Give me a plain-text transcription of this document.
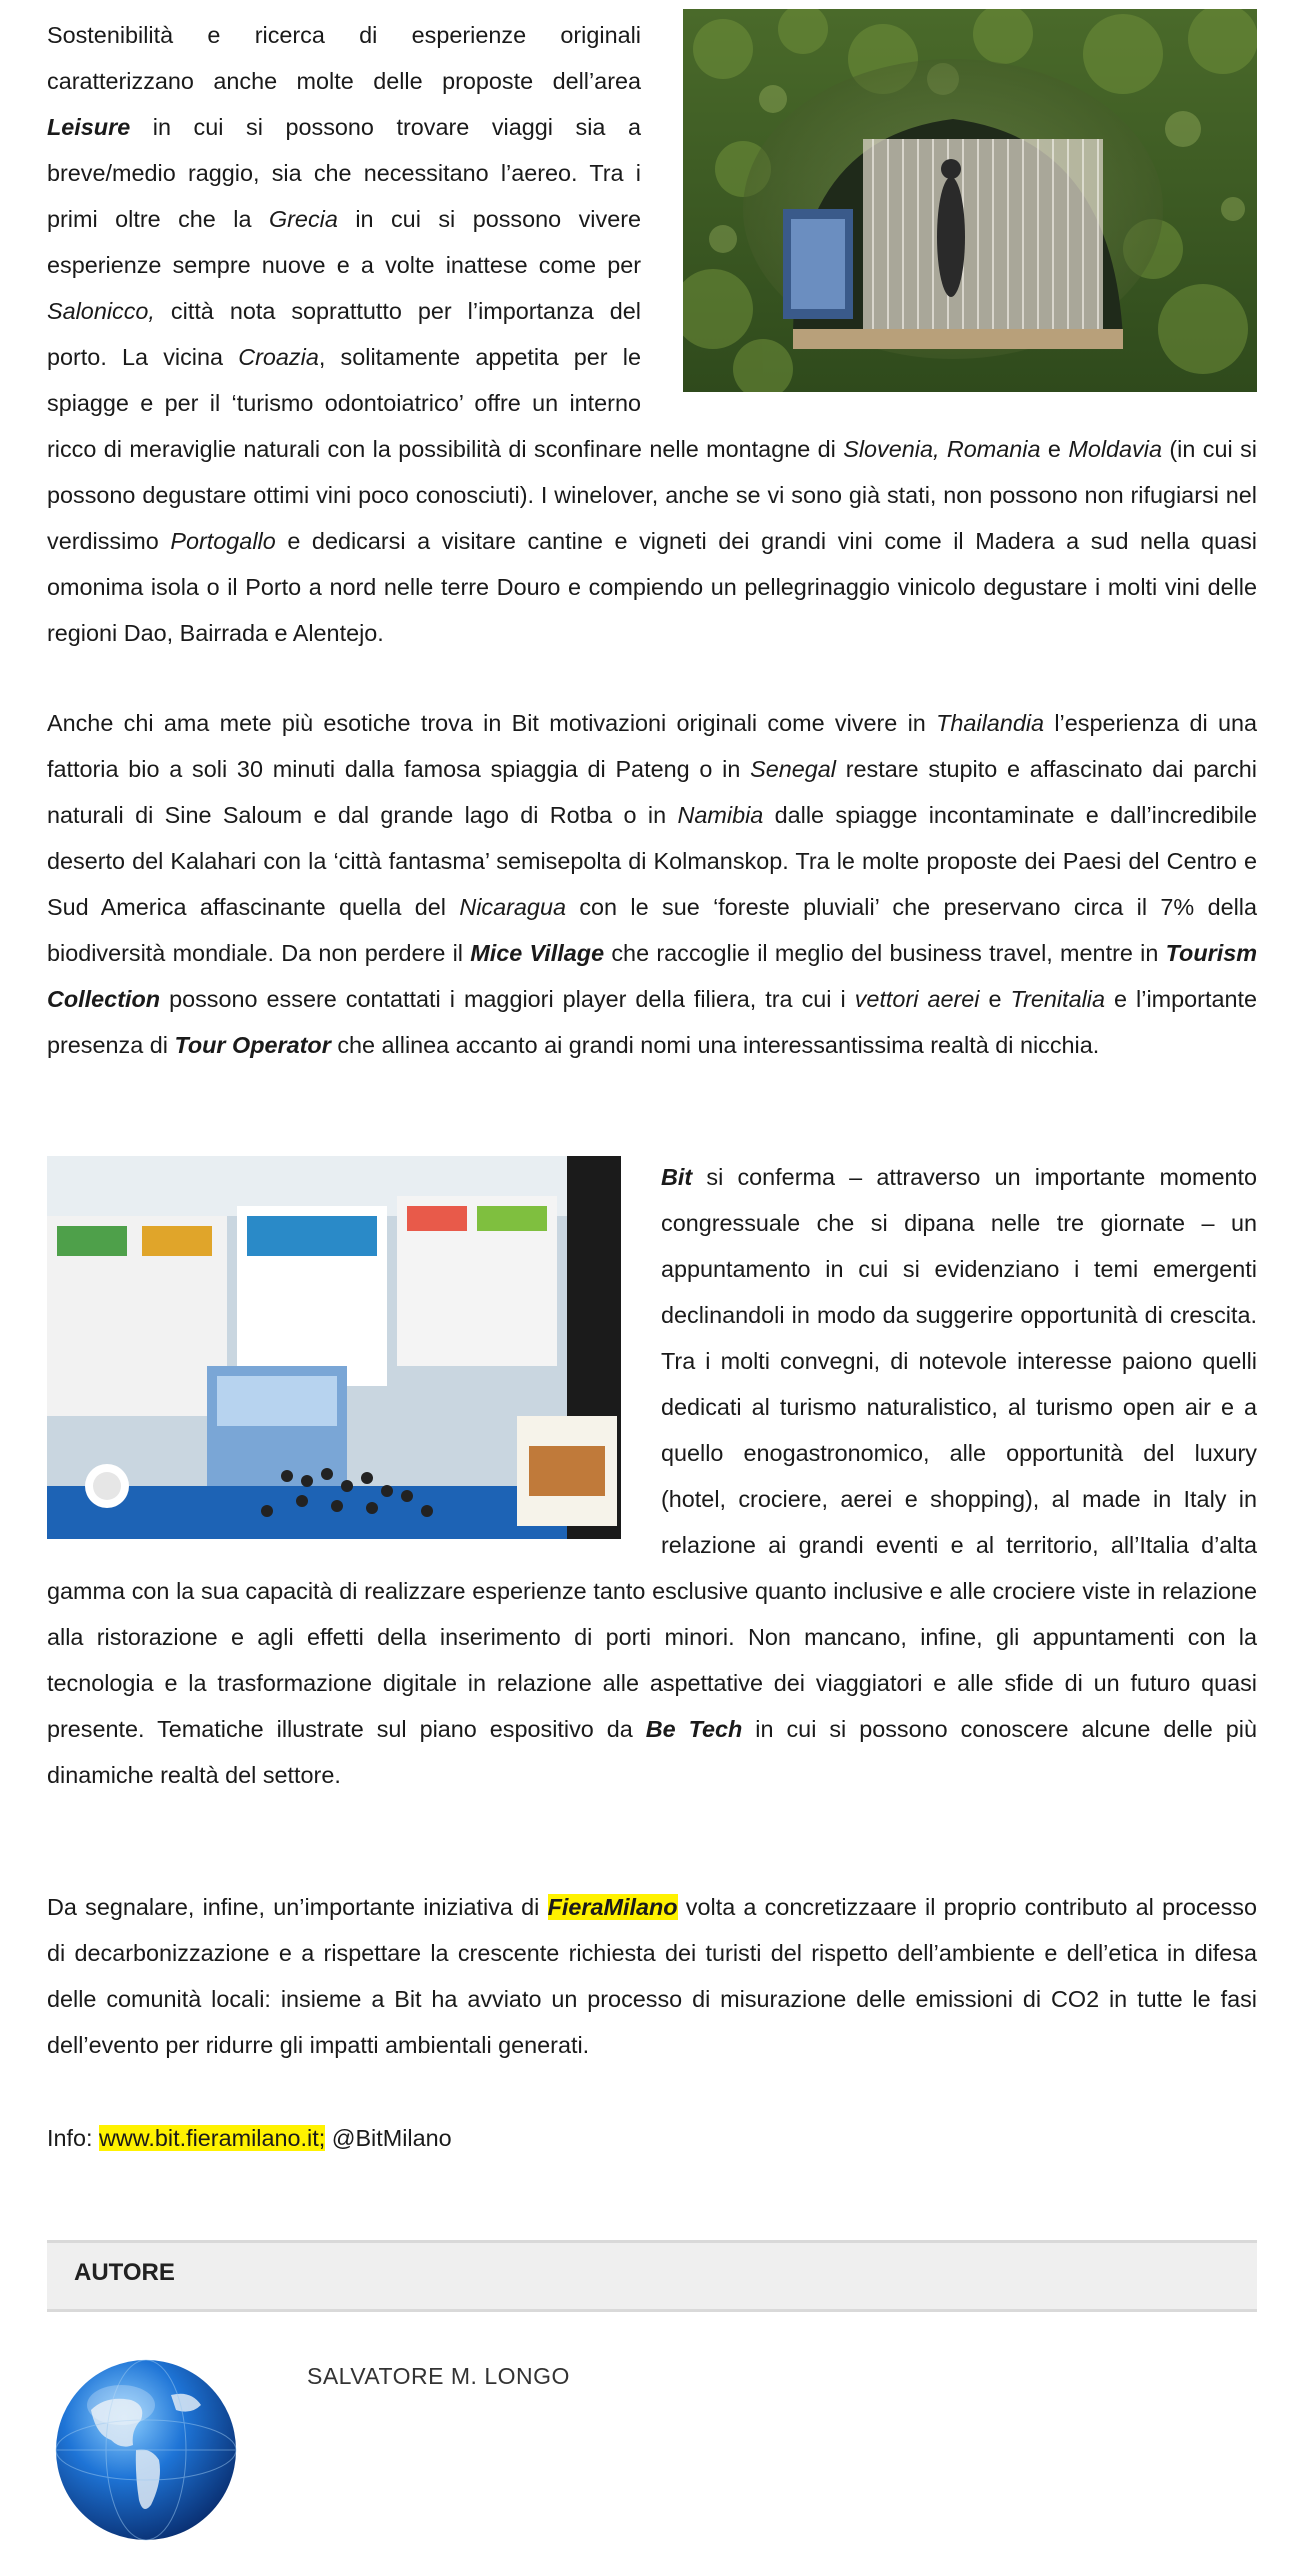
Sostenibilità e ricerca di esperienze originali caratterizzano anche molte delle proposte dell’area Leisure in cui si possono trovare viaggi sia a breve/medio raggio, sia che necessitano l’aereo. Tra i primi oltre che la Grecia in cui si possono vivere esperienze sempre nuove e a volte inattese come per Salonicco, città nota soprattutto per l’importanza del porto. La vicina Croazia, solitamente appetita per le spiagge e per il ‘turismo odontoiatrico’ offre un interno ricco di meraviglie naturali con la possibilità di sconfinare nelle montagne di Slovenia, Romania e Moldavia (in cui si possono degustare ottimi vini poco conosciuti). I winelover, anche se vi sono già stati, non possono non rifugiarsi nel verdissimo Portogallo e dedicarsi a visitare cantine e vigneti dei grandi vini come il Madera a sud nella quasi omonima isola o il Porto a nord nelle terre Douro e compiendo un pellegrinaggio vinicolo degustare i molti vini delle regioni Dao, Bairrada e Alentejo.

Anche chi ama mete più esotiche trova in Bit motivazioni originali come vivere in Thailandia l’esperienza di una fattoria bio a soli 30 minuti dalla famosa spiaggia di Pateng o in Senegal restare stupito e affascinato dai parchi naturali di Sine Saloum e dal grande lago di Rotba o in Namibia dalle spiagge incontaminate e dall’incredibile deserto del Kalahari con la ‘città fantasma’ semisepolta di Kolmanskop. Tra le molte proposte dei Paesi del Centro e Sud America affascinante quella del Nicaragua con le sue ‘foreste pluviali’ che preservano circa il 7% della biodiversità mondiale. Da non perdere il Mice Village che raccoglie il meglio del business travel, mentre in Tourism Collection possono essere contattati i maggiori player della filiera, tra cui i vettori aerei e Trenitalia e l’importante presenza di Tour Operator che allinea accanto ai grandi nomi una interessantissima realtà di nicchia.

Bit si conferma – attraverso un importante momento congressuale che si dipana nelle tre giornate – un appuntamento in cui si evidenziano i temi emergenti declinandoli in modo da suggerire opportunità di crescita. Tra i molti convegni, di notevole interesse paiono quelli dedicati al turismo naturalistico, al turismo open air e a quello enogastronomico, alle opportunità del luxury (hotel, crociere, aerei e shopping), al made in Italy in relazione ai grandi eventi e al territorio, all’Italia d’alta gamma con la sua capacità di realizzare esperienze tanto esclusive quanto inclusive e alle crociere viste in relazione alla ristorazione e agli effetti della inserimento di porti minori. Non mancano, infine, gli appuntamenti con la tecnologia e la trasformazione digitale in relazione alle aspettative dei viaggiatori e alle sfide di un futuro quasi presente. Tematiche illustrate sul piano espositivo da Be Tech in cui si possono conoscere alcune delle più dinamiche realtà del settore.

Da segnalare, infine, un’importante iniziativa di FieraMilano volta a concretizzaare il proprio contributo al processo di decarbonizzazione e a rispettare la crescente richiesta dei turisti del rispetto dell’ambiente e dell’etica in difesa delle comunità locali: insieme a Bit ha avviato un processo di misurazione delle emissioni di CO2 in tutte le fasi dell’evento per ridurre gli impatti ambientali generati.

Info: www.bit.fieramilano.it; @BitMilano

AUTORE
SALVATORE M. LONGO
